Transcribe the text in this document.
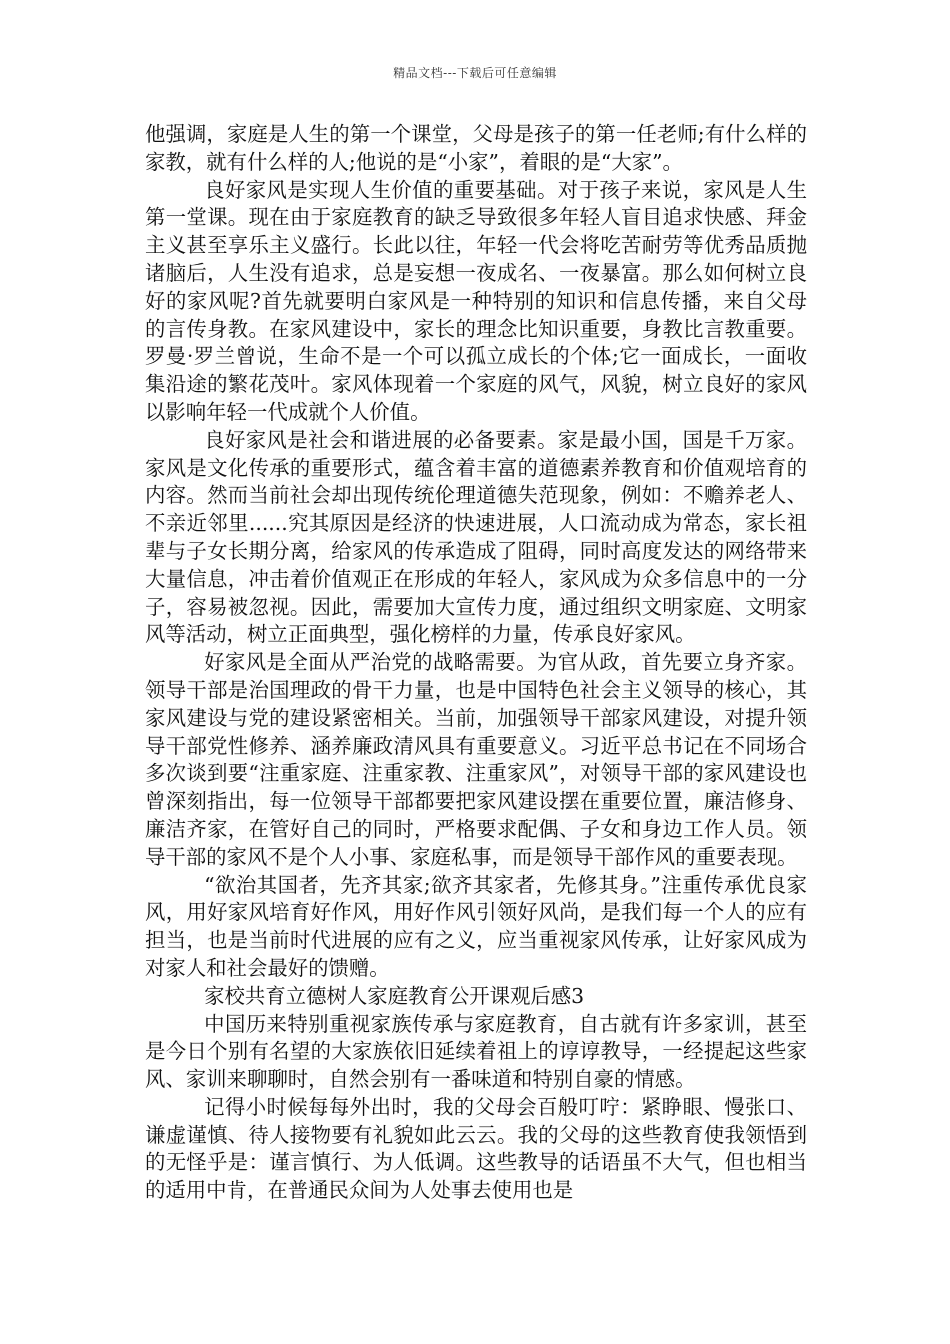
精品文档---下载后可任意编辑

他强调，家庭是人生的第一个课堂，父母是孩子的第一任老师;有什么样的家教，就有什么样的人;他说的是“小家”，着眼的是“大家”。

良好家风是实现人生价值的重要基础。对于孩子来说，家风是人生第一堂课。现在由于家庭教育的缺乏导致很多年轻人盲目追求快感、拜金主义甚至享乐主义盛行。长此以往，年轻一代会将吃苦耐劳等优秀品质抛诸脑后，人生没有追求，总是妄想一夜成名、一夜暴富。那么如何树立良好的家风呢?首先就要明白家风是一种特别的知识和信息传播，来自父母的言传身教。在家风建设中，家长的理念比知识重要，身教比言教重要。罗曼·罗兰曾说，生命不是一个可以孤立成长的个体;它一面成长，一面收集沿途的繁花茂叶。家风体现着一个家庭的风气，风貌，树立良好的家风以影响年轻一代成就个人价值。

良好家风是社会和谐进展的必备要素。家是最小国，国是千万家。家风是文化传承的重要形式，蕴含着丰富的道德素养教育和价值观培育的内容。然而当前社会却出现传统伦理道德失范现象，例如：不赡养老人、不亲近邻里......究其原因是经济的快速进展，人口流动成为常态，家长祖辈与子女长期分离，给家风的传承造成了阻碍，同时高度发达的网络带来大量信息，冲击着价值观正在形成的年轻人，家风成为众多信息中的一分子，容易被忽视。因此，需要加大宣传力度，通过组织文明家庭、文明家风等活动，树立正面典型，强化榜样的力量，传承良好家风。

好家风是全面从严治党的战略需要。为官从政，首先要立身齐家。领导干部是治国理政的骨干力量，也是中国特色社会主义领导的核心，其家风建设与党的建设紧密相关。当前，加强领导干部家风建设，对提升领导干部党性修养、涵养廉政清风具有重要意义。习近平总书记在不同场合多次谈到要“注重家庭、注重家教、注重家风”，对领导干部的家风建设也曾深刻指出，每一位领导干部都要把家风建设摆在重要位置，廉洁修身、廉洁齐家，在管好自己的同时，严格要求配偶、子女和身边工作人员。领导干部的家风不是个人小事、家庭私事，而是领导干部作风的重要表现。

“欲治其国者，先齐其家;欲齐其家者，先修其身。”注重传承优良家风，用好家风培育好作风，用好作风引领好风尚，是我们每一个人的应有担当，也是当前时代进展的应有之义，应当重视家风传承，让好家风成为对家人和社会最好的馈赠。

家校共育立德树人家庭教育公开课观后感3

中国历来特别重视家族传承与家庭教育，自古就有许多家训，甚至是今日个别有名望的大家族依旧延续着祖上的谆谆教导，一经提起这些家风、家训来聊聊时，自然会别有一番味道和特别自豪的情感。

记得小时候每每外出时，我的父母会百般叮咛：紧睁眼、慢张口、谦虚谨慎、待人接物要有礼貌如此云云。我的父母的这些教育使我领悟到的无怪乎是：谨言慎行、为人低调。这些教导的话语虽不大气，但也相当的适用中肯，在普通民众间为人处事去使用也是
